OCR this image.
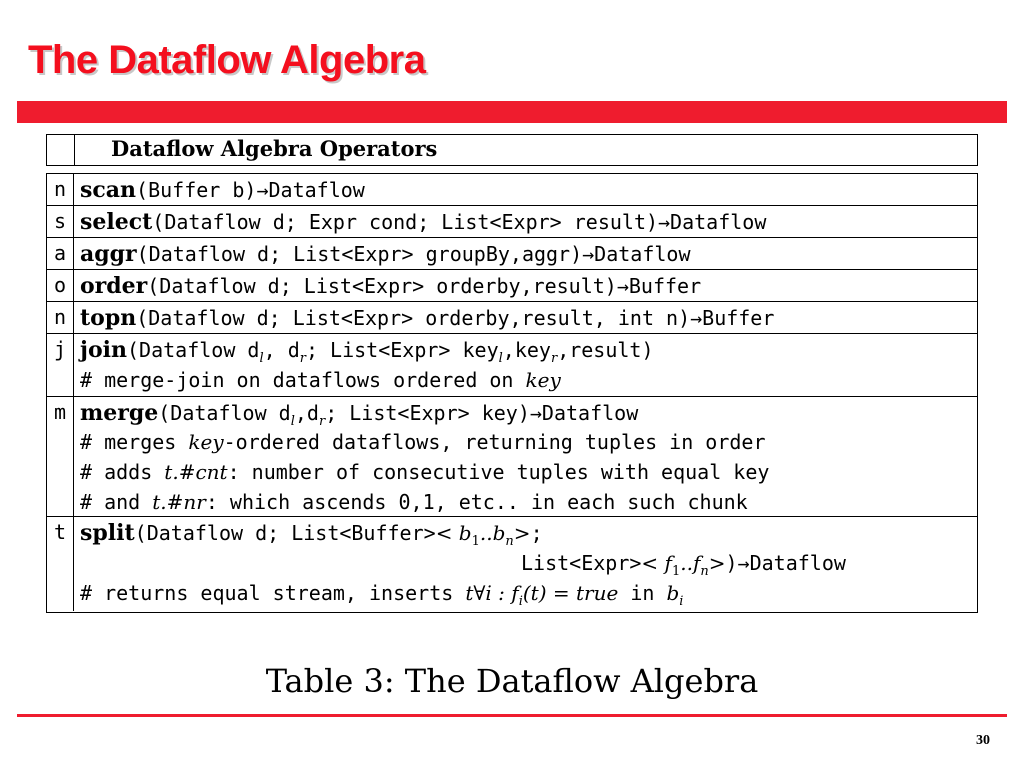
The Dataflow Algebra
Dataflow Algebra Operators
n scan(Buffer b)→Dataflow
s select(Dataflow d; Expr cond; List<Expr> result)→Dataflow
a aggr(Dataflow d; List<Expr> groupBy,aggr)→Dataflow
o order(Dataflow d; List<Expr> orderby,result)→Buffer
n topn(Dataflow d; List<Expr> orderby,result, int n)→Buffer
j join(Dataflow $d_l$, $d_r$; List<Expr> key$_l$,key$_r$,result)
# merge-join on dataflows ordered on key
m merge(Dataflow $d_l,d_r$; List<Expr> key)→Dataflow
# merges key-ordered dataflows, returning tuples in order
# adds t.#cnt: number of consecutive tuples with equal key
# and t.#nr: which ascends 0,1, etc.. in each such chunk
t split(Dataflow d; List<Buffer>< $b_1..b_n>$;
List<Expr>< $f_1..f_n>)\to Dataflow$
# returns equal stream, inserts t∀i : $f_i(t)$ = true in $b_i$
Table 3: The Dataflow Algebra
30
